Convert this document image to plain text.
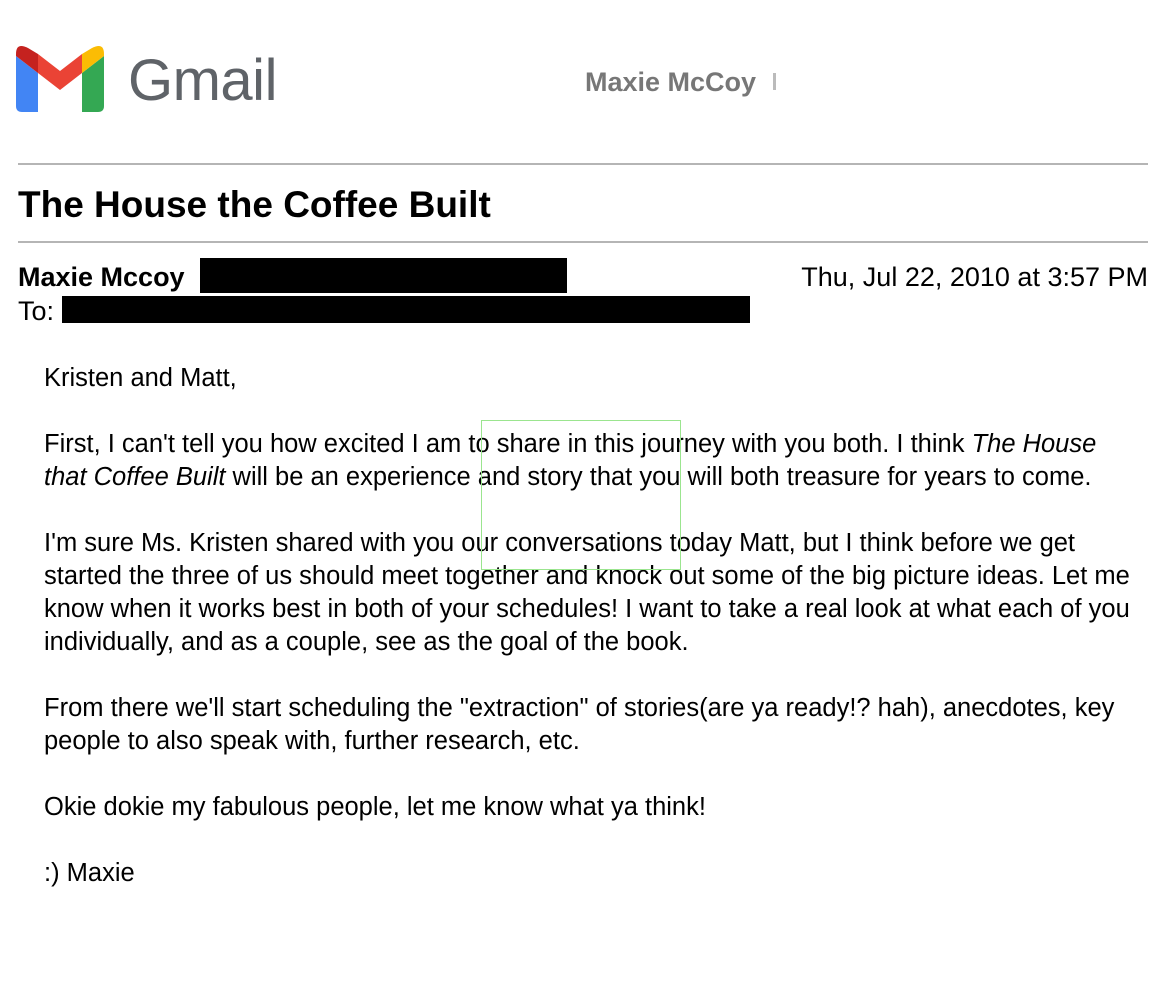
Gmail	Maxie McCoy
The House the Coffee Built
Maxie Mccoy	Thu, Jul 22, 2010 at 3:57 PM
To:

Kristen and Matt,

First, I can't tell you how excited I am to share in this journey with you both. I think The House that Coffee Built will be an experience and story that you will both treasure for years to come.

I'm sure Ms. Kristen shared with you our conversations today Matt, but I think before we get started the three of us should meet together and knock out some of the big picture ideas. Let me know when it works best in both of your schedules! I want to take a real look at what each of you individually, and as a couple, see as the goal of the book.

From there we'll start scheduling the "extraction" of stories(are ya ready!? hah), anecdotes, key people to also speak with, further research, etc.

Okie dokie my fabulous people, let me know what ya think!

:) Maxie
